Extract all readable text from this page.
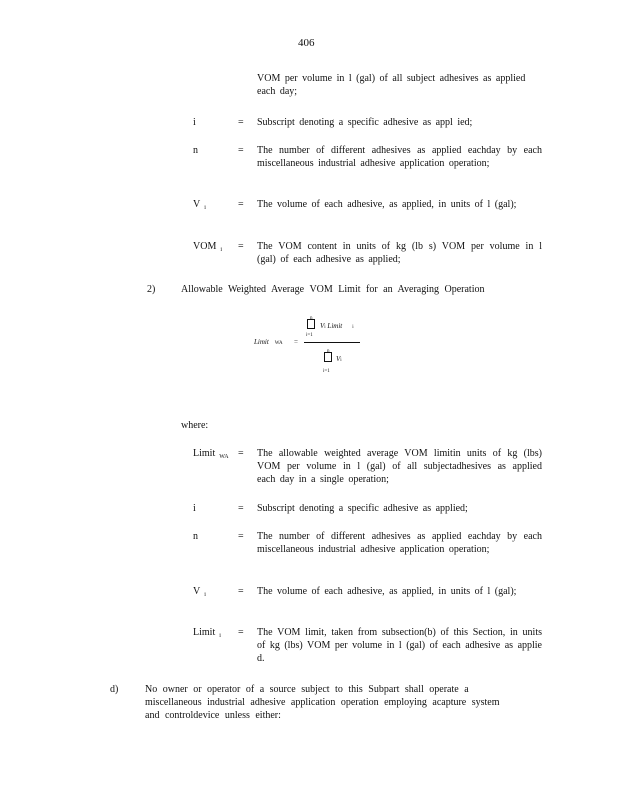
406
VOM per volume in l (gal) of all subject adhesives as applied each day;
i	=	Subscript denoting a specific adhesive as appl ied;
n	=	The number of different adhesives as applied eachday by each miscellaneous industrial adhesive application operation;
V $_i$	=	The volume of each adhesive, as applied, in units of l (gal);
VOM $_i$	=	The VOM content in units of kg (lb s) VOM per volume in l (gal) of each adhesive as applied;
2)	Allowable Weighted Average VOM Limit for an Averaging Operation
Limit WA =
n
i=1
Vi Limit i
n
i=1
Vi
where:
Limit $_{WA}$ =	The allowable weighted average VOM limitin units of kg (lbs) VOM per volume in l (gal) of all subjectadhesives as applied each day in a single operation;
i	=	Subscript denoting a specific adhesive as applied;
n	=	The number of different adhesives as applied eachday by each miscellaneous industrial adhesive application operation;
V $_i$	=	The volume of each adhesive, as applied, in units of l (gal);
Limit $_i$	=	The VOM limit, taken from subsection(b) of this Section, in units of kg (lbs) VOM per volume in l (gal) of each adhesive as applie d.
d)	No owner or operator of a source subject to this Subpart shall operate a miscellaneous industrial adhesive application operation employing acapture system and controldevice unless either:
